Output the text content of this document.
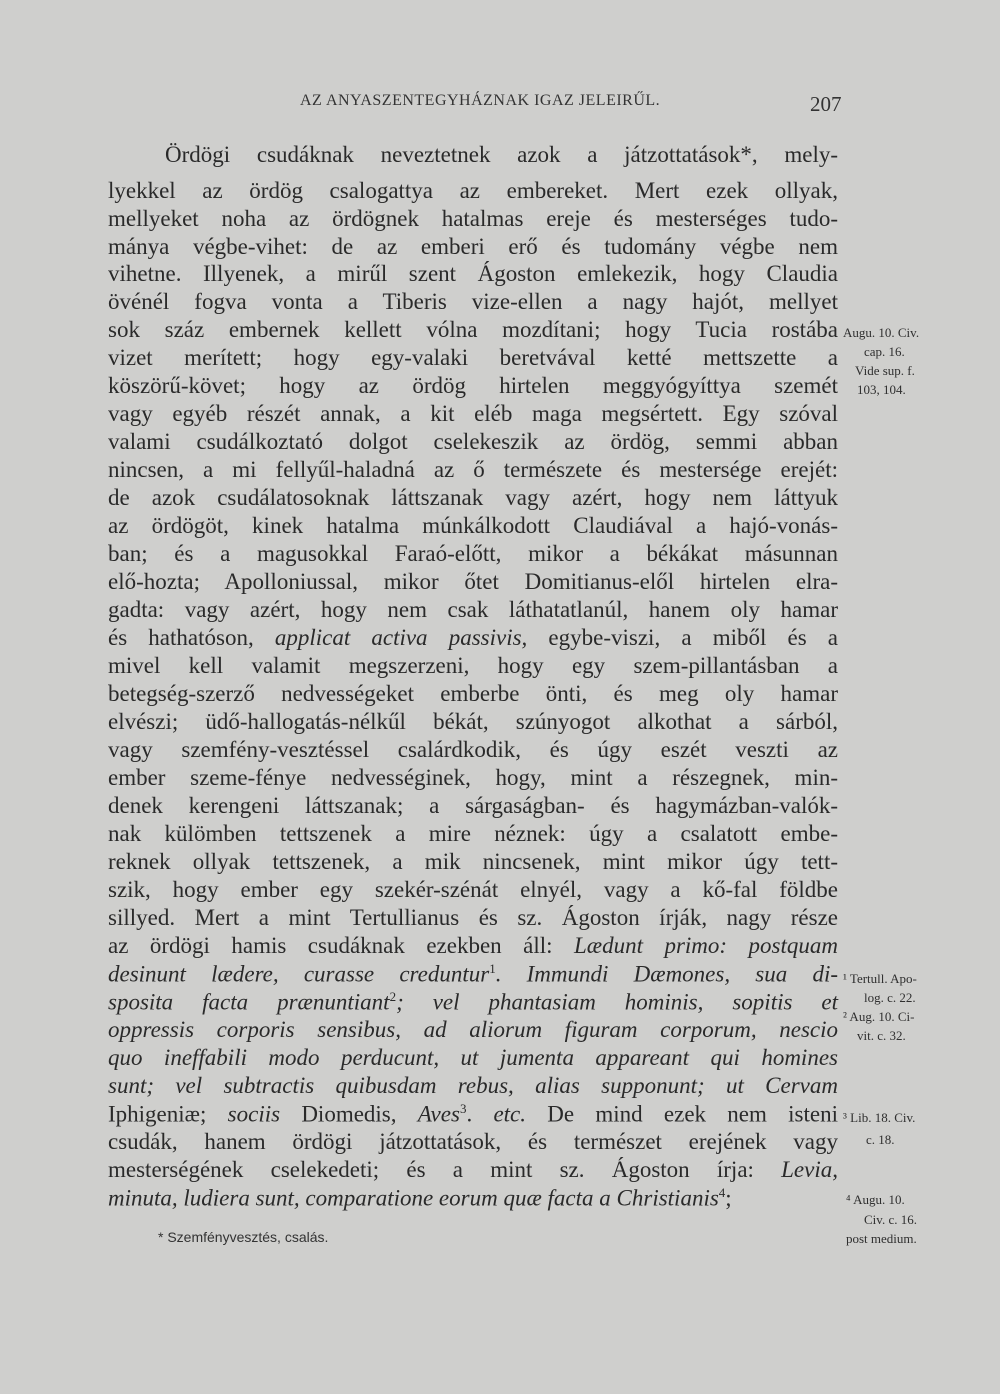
AZ ANYASZENTEGYHÁZNAK IGAZ JELEIRŰL.	207
Ördögi csudáknak neveztetnek azok a játzottatások*, mely-
lyekkel az ördög csalogattya az embereket. Mert ezek ollyak,
mellyeket noha az ördögnek hatalmas ereje és mesterséges tudo-
mánya végbe-vihet: de az emberi erő és tudomány végbe nem
vihetne. Illyenek, a mirűl szent Ágoston emlekezik, hogy Claudia
övénél fogva vonta a Tiberis vize-ellen a nagy hajót, mellyet
sok száz embernek kellett vólna mozdítani; hogy Tucia rostába
vizet merített; hogy egy-valaki beretvával ketté mettszette a
köszörű-követ; hogy az ördög hirtelen meggyógyíttya szemét
vagy egyéb részét annak, a kit eléb maga megsértett. Egy szóval
valami csudálkoztató dolgot cselekeszik az ördög, semmi abban
nincsen, a mi fellyűl-haladná az ő természete és mestersége erejét:
de azok csudálatosoknak láttszanak vagy azért, hogy nem láttyuk
az ördögöt, kinek hatalma múnkálkodott Claudiával a hajó-vonás-
ban; és a magusokkal Faraó-előtt, mikor a békákat másunnan
elő-hozta; Apolloniussal, mikor őtet Domitianus-elől hirtelen elra-
gadta: vagy azért, hogy nem csak láthatatlanúl, hanem oly hamar
és hathatóson, applicat activa passivis, egybe-viszi, a miből és a
mivel kell valamit megszerzeni, hogy egy szem-pillantásban a
betegség-szerző nedvességeket emberbe önti, és meg oly hamar
elvészi; üdő-hallogatás-nélkűl békát, szúnyogot alkothat a sárból,
vagy szemfény-vesztéssel csalárdkodik, és úgy eszét veszti az
ember szeme-fénye nedvességinek, hogy, mint a részegnek, min-
denek kerengeni láttszanak; a sárgaságban- és hagymázban-valók-
nak külömben tettszenek a mire néznek: úgy a csalatott embe-
reknek ollyak tettszenek, a mik nincsenek, mint mikor úgy tett-
szik, hogy ember egy szekér-szénát elnyél, vagy a kő-fal földbe
sillyed. Mert a mint Tertullianus és sz. Ágoston írják, nagy része
az ördögi hamis csudáknak ezekben áll: Lædunt primo: postquam
desinunt lædere, curasse creduntur$^1$. Immundi Dæmones, sua di-
sposita facta prænuntiant$^2$; vel phantasiam hominis, sopitis et
oppressis corporis sensibus, ad aliorum figuram corporum, nescio
quo ineffabili modo perducunt, ut jumenta appareant qui homines
sunt; vel subtractis quibusdam rebus, alias supponunt; ut Cervam
Iphigeniæ; sociis Diomedis, Aves$^3$. etc. De mind ezek nem isteni
csudák, hanem ördögi játzottatások, és természet erejének vagy
mesterségének cselekedeti; és a mint sz. Ágoston írja: Levia,
minuta, ludiera sunt, comparatione eorum quæ facta a Christianis$^4$;
* Szemfényvesztés, csalás.
Augu. 10. Civ.
cap. 16.
Vide sup. f.
103, 104.
¹ Tertull. Apo-
log. c. 22.
² Aug. 10. Ci-
vit. c. 32.
³ Lib. 18. Civ.
c. 18.
⁴ Augu. 10.
Civ. c. 16.
post medium.
